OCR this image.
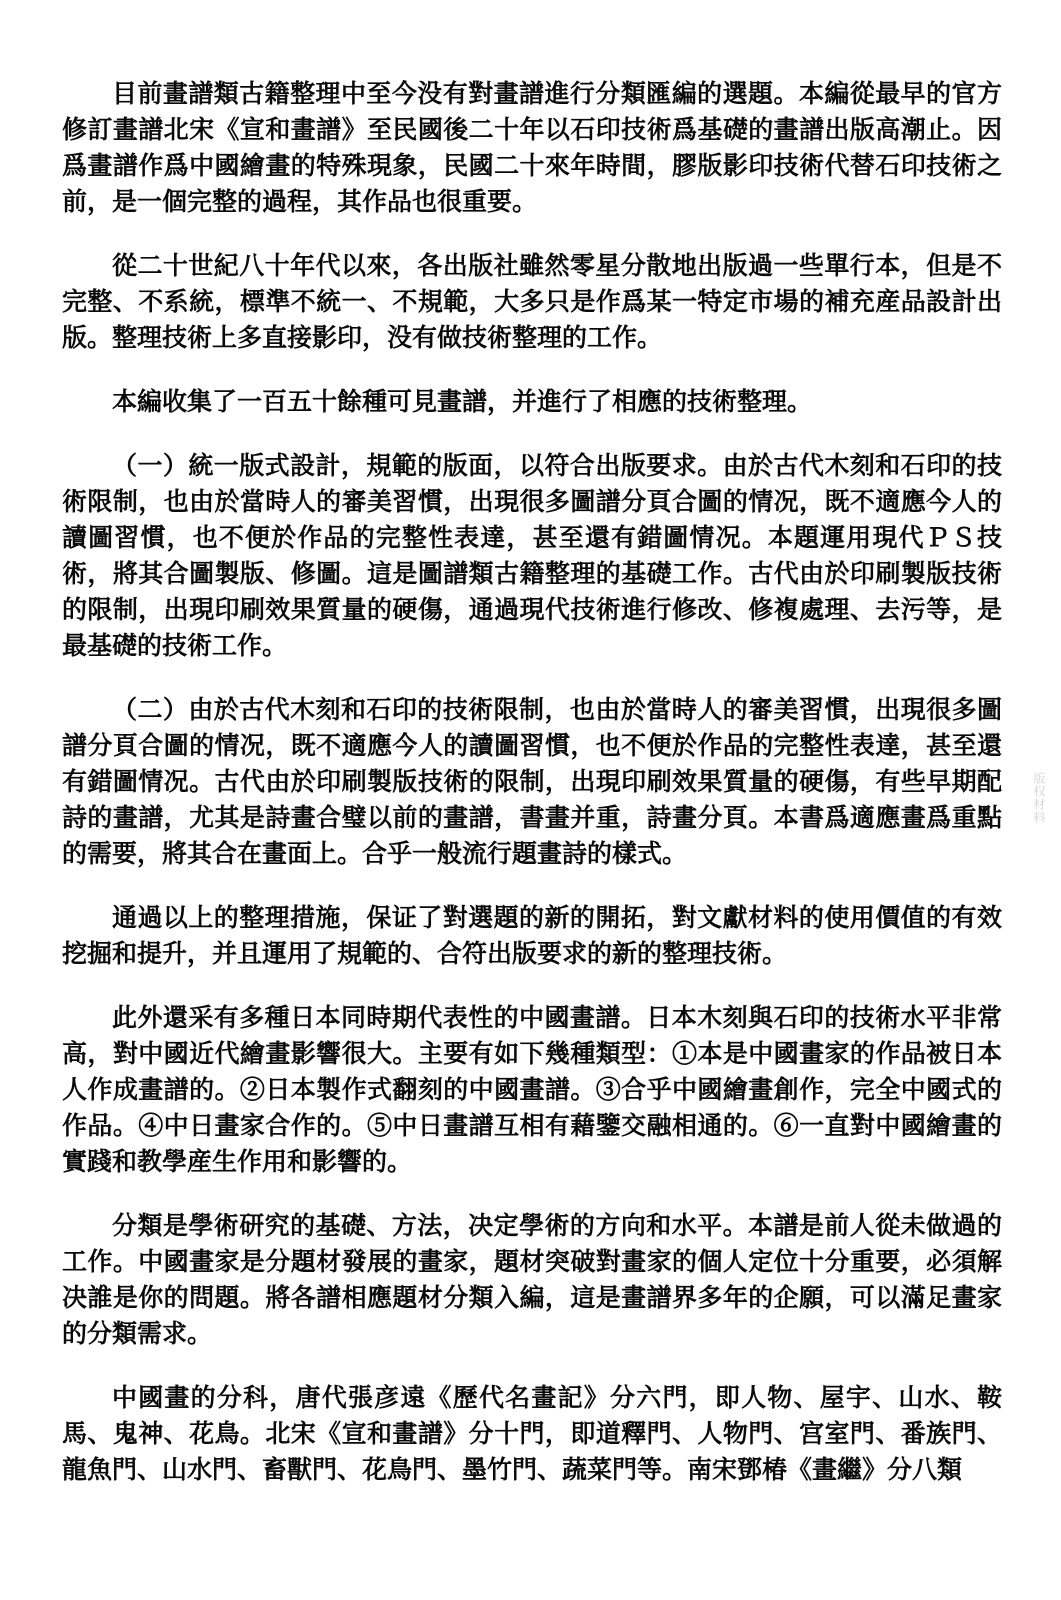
目前畫譜類古籍整理中至今没有對畫譜進行分類匯編的選題。本編從最早的官方修訂畫譜北宋《宣和畫譜》至民國後二十年以石印技術爲基礎的畫譜出版高潮止。因爲畫譜作爲中國繪畫的特殊現象，民國二十來年時間，膠版影印技術代替石印技術之前，是一個完整的過程，其作品也很重要。

從二十世紀八十年代以來，各出版社雖然零星分散地出版過一些單行本，但是不完整、不系統，標準不統一、不規範，大多只是作爲某一特定市場的補充産品設計出版。整理技術上多直接影印，没有做技術整理的工作。

本編收集了一百五十餘種可見畫譜，并進行了相應的技術整理。

（一）統一版式設計，規範的版面，以符合出版要求。由於古代木刻和石印的技術限制，也由於當時人的審美習慣，出現很多圖譜分頁合圖的情况，既不適應今人的讀圖習慣，也不便於作品的完整性表達，甚至還有錯圖情况。本題運用現代ＰＳ技術，將其合圖製版、修圖。這是圖譜類古籍整理的基礎工作。古代由於印刷製版技術的限制，出現印刷效果質量的硬傷，通過現代技術進行修改、修複處理、去污等，是最基礎的技術工作。

（二）由於古代木刻和石印的技術限制，也由於當時人的審美習慣，出現很多圖譜分頁合圖的情况，既不適應今人的讀圖習慣，也不便於作品的完整性表達，甚至還有錯圖情况。古代由於印刷製版技術的限制，出現印刷效果質量的硬傷，有些早期配詩的畫譜，尤其是詩畫合璧以前的畫譜，書畫并重，詩畫分頁。本書爲適應畫爲重點的需要，將其合在畫面上。合乎一般流行題畫詩的樣式。

通過以上的整理措施，保证了對選題的新的開拓，對文獻材料的使用價值的有效挖掘和提升，并且運用了規範的、合符出版要求的新的整理技術。

此外還采有多種日本同時期代表性的中國畫譜。日本木刻與石印的技術水平非常高，對中國近代繪畫影響很大。主要有如下幾種類型：①本是中國畫家的作品被日本人作成畫譜的。②日本製作式翻刻的中國畫譜。③合乎中國繪畫創作，完全中國式的作品。④中日畫家合作的。⑤中日畫譜互相有藉鑒交融相通的。⑥一直對中國繪畫的實踐和教學産生作用和影響的。

分類是學術研究的基礎、方法，决定學術的方向和水平。本譜是前人從未做過的工作。中國畫家是分題材發展的畫家，題材突破對畫家的個人定位十分重要，必須解决誰是你的問題。將各譜相應題材分類入編，這是畫譜界多年的企願，可以滿足畫家的分類需求。

中國畫的分科，唐代張彦遠《歷代名畫記》分六門，即人物、屋宇、山水、鞍馬、鬼神、花鳥。北宋《宣和畫譜》分十門，即道釋門、人物門、宫室門、番族門、龍魚門、山水門、畜獸門、花鳥門、墨竹門、蔬菜門等。南宋鄧椿《畫繼》分八類

版权材料
